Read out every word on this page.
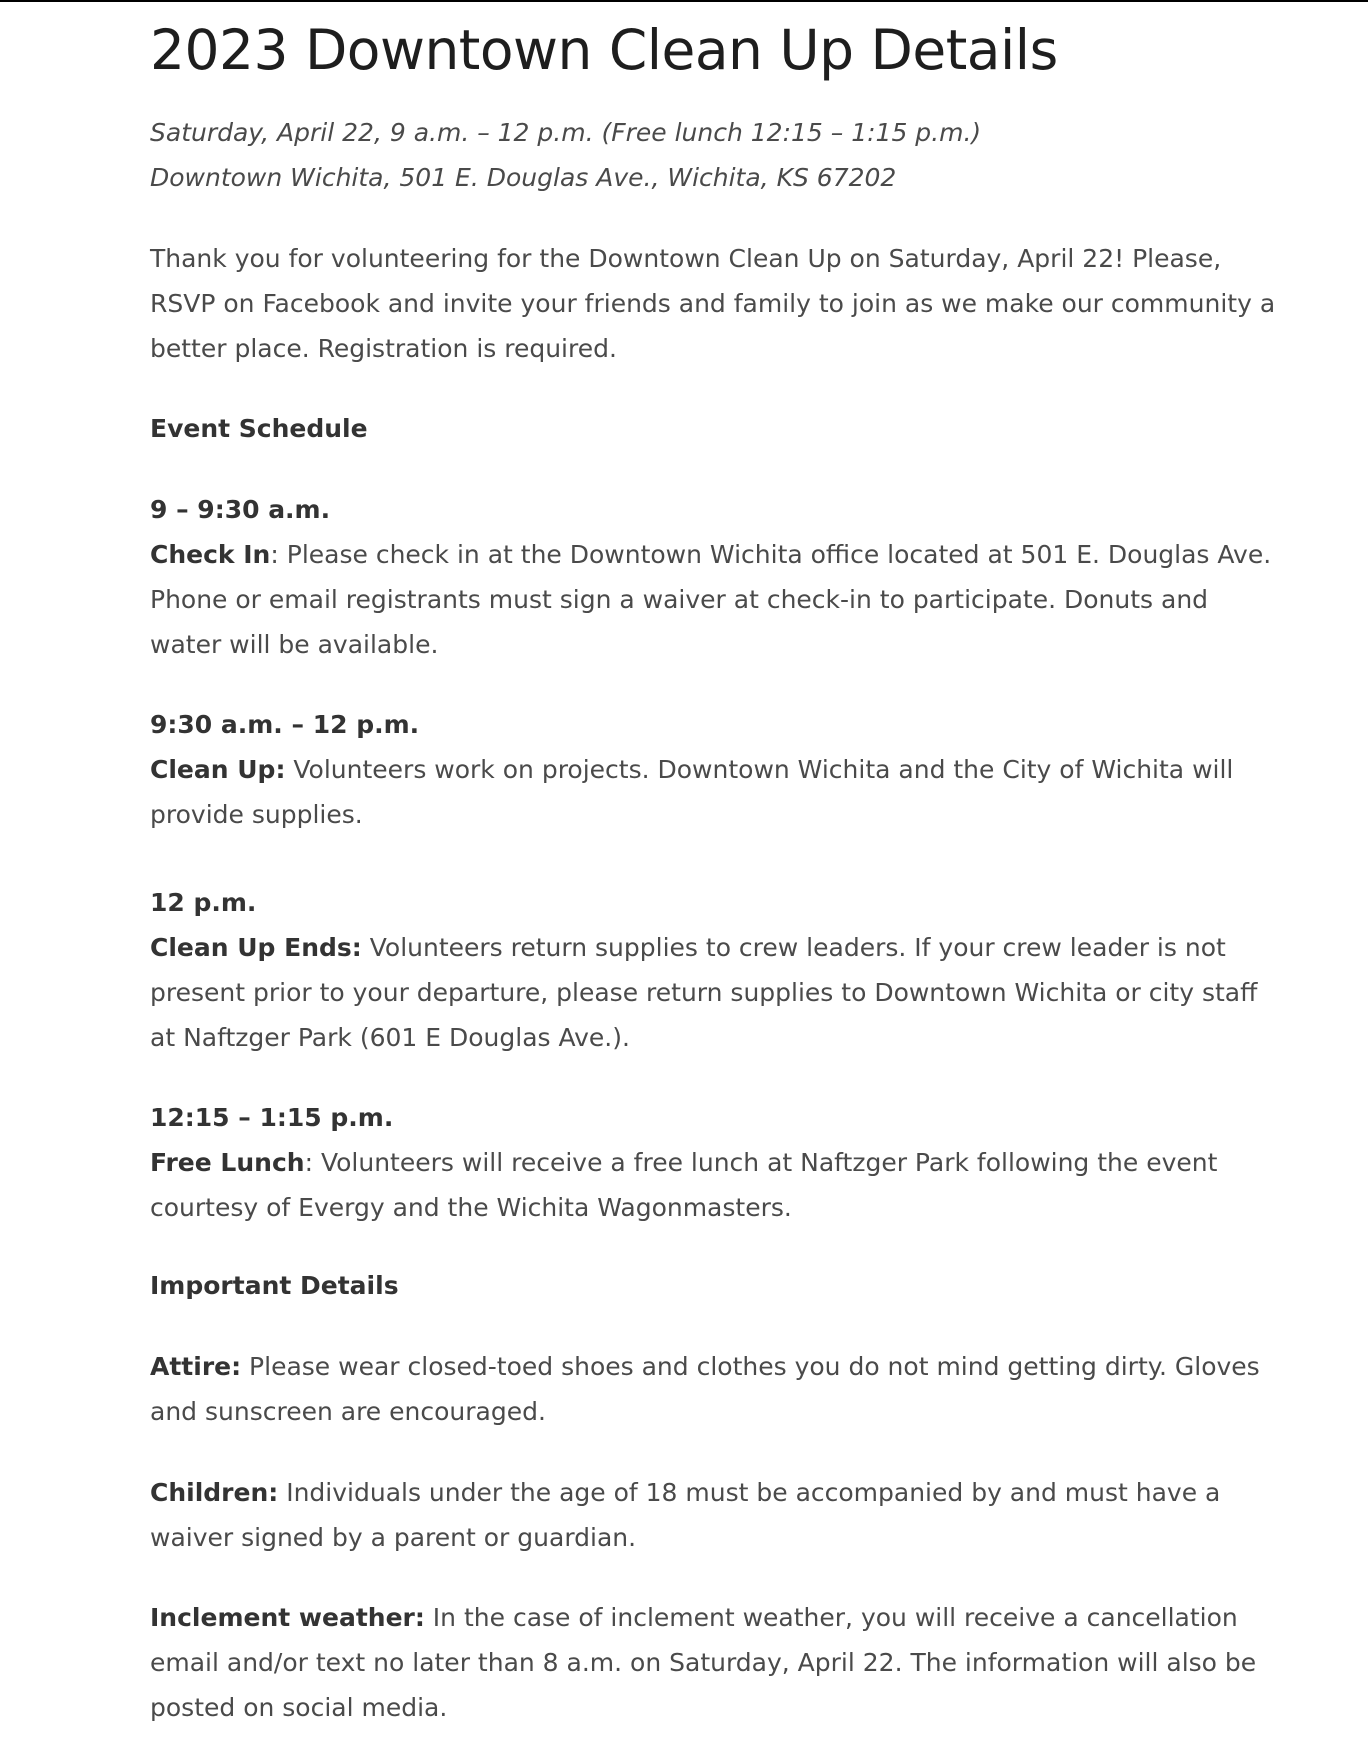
2023 Downtown Clean Up Details
Saturday, April 22, 9 a.m. – 12 p.m. (Free lunch 12:15 – 1:15 p.m.)
Downtown Wichita, 501 E. Douglas Ave., Wichita, KS 67202

Thank you for volunteering for the Downtown Clean Up on Saturday, April 22! Please, RSVP on Facebook and invite your friends and family to join as we make our community a better place. Registration is required.

Event Schedule
9 – 9:30 a.m.
Check In: Please check in at the Downtown Wichita office located at 501 E. Douglas Ave. Phone or email registrants must sign a waiver at check-in to participate. Donuts and water will be available.
9:30 a.m. – 12 p.m.
Clean Up: Volunteers work on projects. Downtown Wichita and the City of Wichita will provide supplies.
12 p.m.
Clean Up Ends: Volunteers return supplies to crew leaders. If your crew leader is not present prior to your departure, please return supplies to Downtown Wichita or city staff at Naftzger Park (601 E Douglas Ave.).
12:15 – 1:15 p.m.
Free Lunch: Volunteers will receive a free lunch at Naftzger Park following the event courtesy of Evergy and the Wichita Wagonmasters.
Important Details
Attire: Please wear closed-toed shoes and clothes you do not mind getting dirty. Gloves and sunscreen are encouraged.
Children: Individuals under the age of 18 must be accompanied by and must have a waiver signed by a parent or guardian.
Inclement weather: In the case of inclement weather, you will receive a cancellation email and/or text no later than 8 a.m. on Saturday, April 22. The information will also be posted on social media.
